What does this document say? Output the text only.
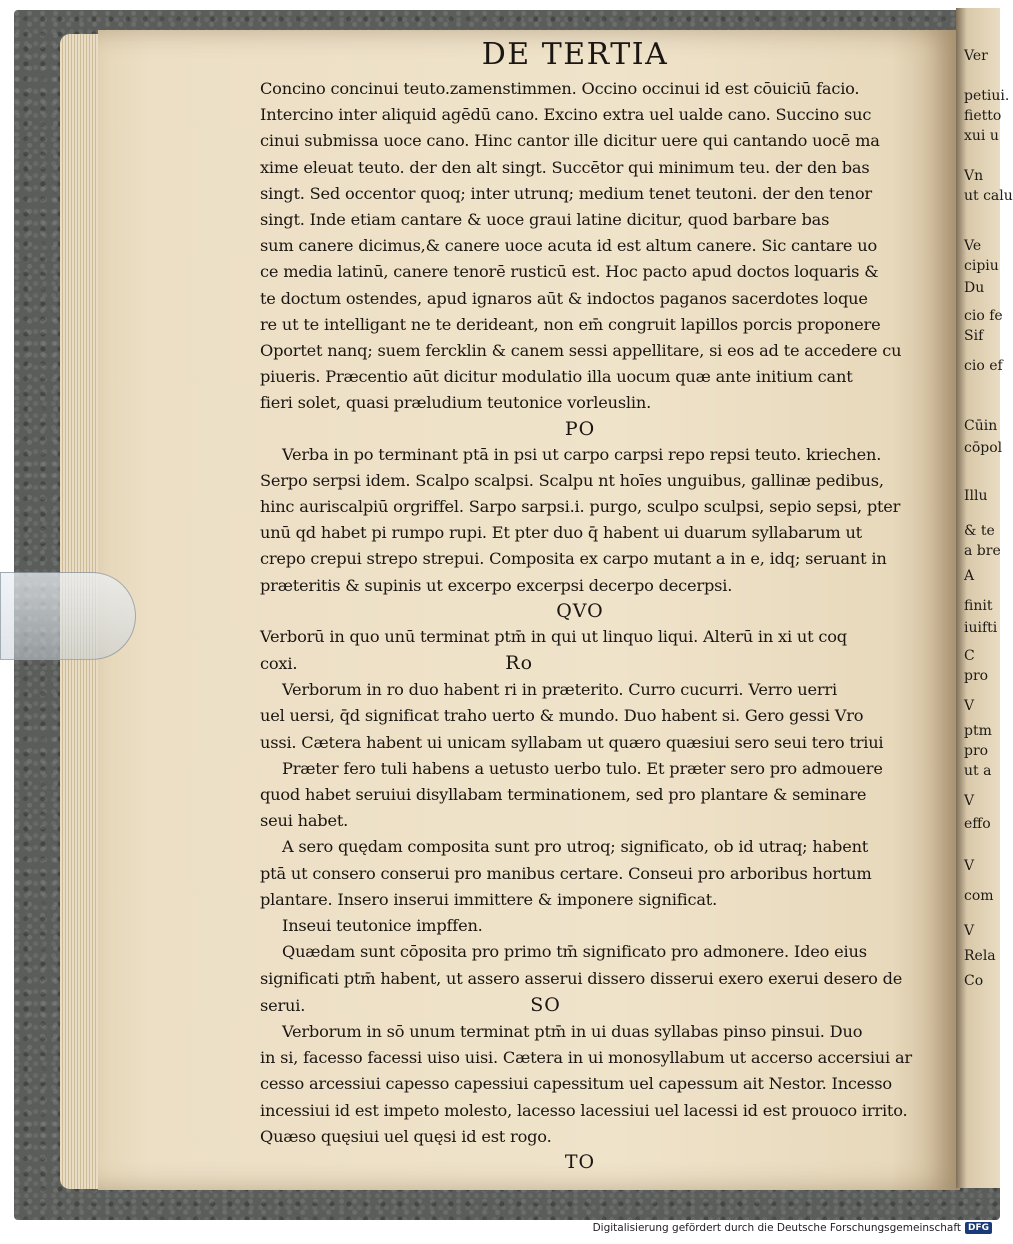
Ver
petiui.
fietto
xui u
Vn
ut calu
Ve
cipiu
Du
cio fe
Sif
cio ef
Cūin
cōpol
Illu
& te
a bre
A
finit
iuifti
C
pro
V
ptm
pro
ut a
V
effo
V
com
V
Rela
Co
DE TERTIA
Concino concinui teuto.zamenstimmen. Occino occinui id est cōuiciū facio.
Intercino inter aliquid agēdū cano. Excino extra uel ualde cano. Succino suc
cinui submissa uoce cano. Hinc cantor ille dicitur uere qui cantando uocē ma
xime eleuat teuto. der den alt singt. Succētor qui minimum teu. der den bas
singt. Sed occentor quoq; inter utrunq; medium tenet teutoni. der den tenor
singt. Inde etiam cantare & uoce graui latine dicitur, quod barbare bas
sum canere dicimus,& canere uoce acuta id est altum canere. Sic cantare uo
ce media latinū, canere tenorē rusticū est. Hoc pacto apud doctos loquaris &
te doctum ostendes, apud ignaros aūt & indoctos paganos sacerdotes loque
re ut te intelligant ne te derideant, non em̄ congruit lapillos porcis proponere
Oportet nanq; suem fercklin & canem sessi appellitare, si eos ad te accedere cu
piueris. Præcentio aūt dicitur modulatio illa uocum quæ ante initium cant
fieri solet, quasi præludium teutonice vorleuslin.
PO
Verba in po terminant ptā in psi ut carpo carpsi repo repsi teuto. kriechen.
Serpo serpsi idem. Scalpo scalpsi. Scalpu nt hoīes unguibus, gallinæ pedibus,
hinc auriscalpiū orgriffel. Sarpo sarpsi.i. purgo, sculpo sculpsi, sepio sepsi, pter
unū qd habet pi rumpo rupi. Et pter duo q̄ habent ui duarum syllabarum ut
crepo crepui strepo strepui. Composita ex carpo mutant a in e, idq; seruant in
præteritis & supinis ut excerpo excerpsi decerpo decerpsi.
QVO
Verborū in quo unū terminat ptm̄ in qui ut linquo liqui. Alterū in xi ut coq
coxi.	Ro
Verborum in ro duo habent ri in præterito. Curro cucurri. Verro uerri
uel uersi, q̄d significat traho uerto & mundo. Duo habent si. Gero gessi Vro
ussi. Cætera habent ui unicam syllabam ut quæro quæsiui sero seui tero triui
Præter fero tuli habens a uetusto uerbo tulo. Et præter sero pro admouere
quod habet seruiui disyllabam terminationem, sed pro plantare & seminare
seui habet.
A sero quędam composita sunt pro utroq; significato, ob id utraq; habent
ptā ut consero conserui pro manibus certare. Conseui pro arboribus hortum
plantare. Insero inserui immittere & imponere significat.
Inseui teutonice impffen.
Quædam sunt cōposita pro primo tm̄ significato pro admonere. Ideo eius
significati ptm̄ habent, ut assero asserui dissero disserui exero exerui desero de
serui.	SO
Verborum in sō unum terminat ptm̄ in ui duas syllabas pinso pinsui. Duo
in si, facesso facessi uiso uisi. Cætera in ui monosyllabum ut accerso accersiui ar
cesso arcessiui capesso capessiui capessitum uel capessum ait Nestor. Incesso
incessiui id est impeto molesto, lacesso lacessiui uel lacessi id est prouoco irrito.
Quæso quęsiui uel quęsi id est rogo.
TO
Digitalisierung gefördert durch die Deutsche Forschungsgemeinschaft DFG
